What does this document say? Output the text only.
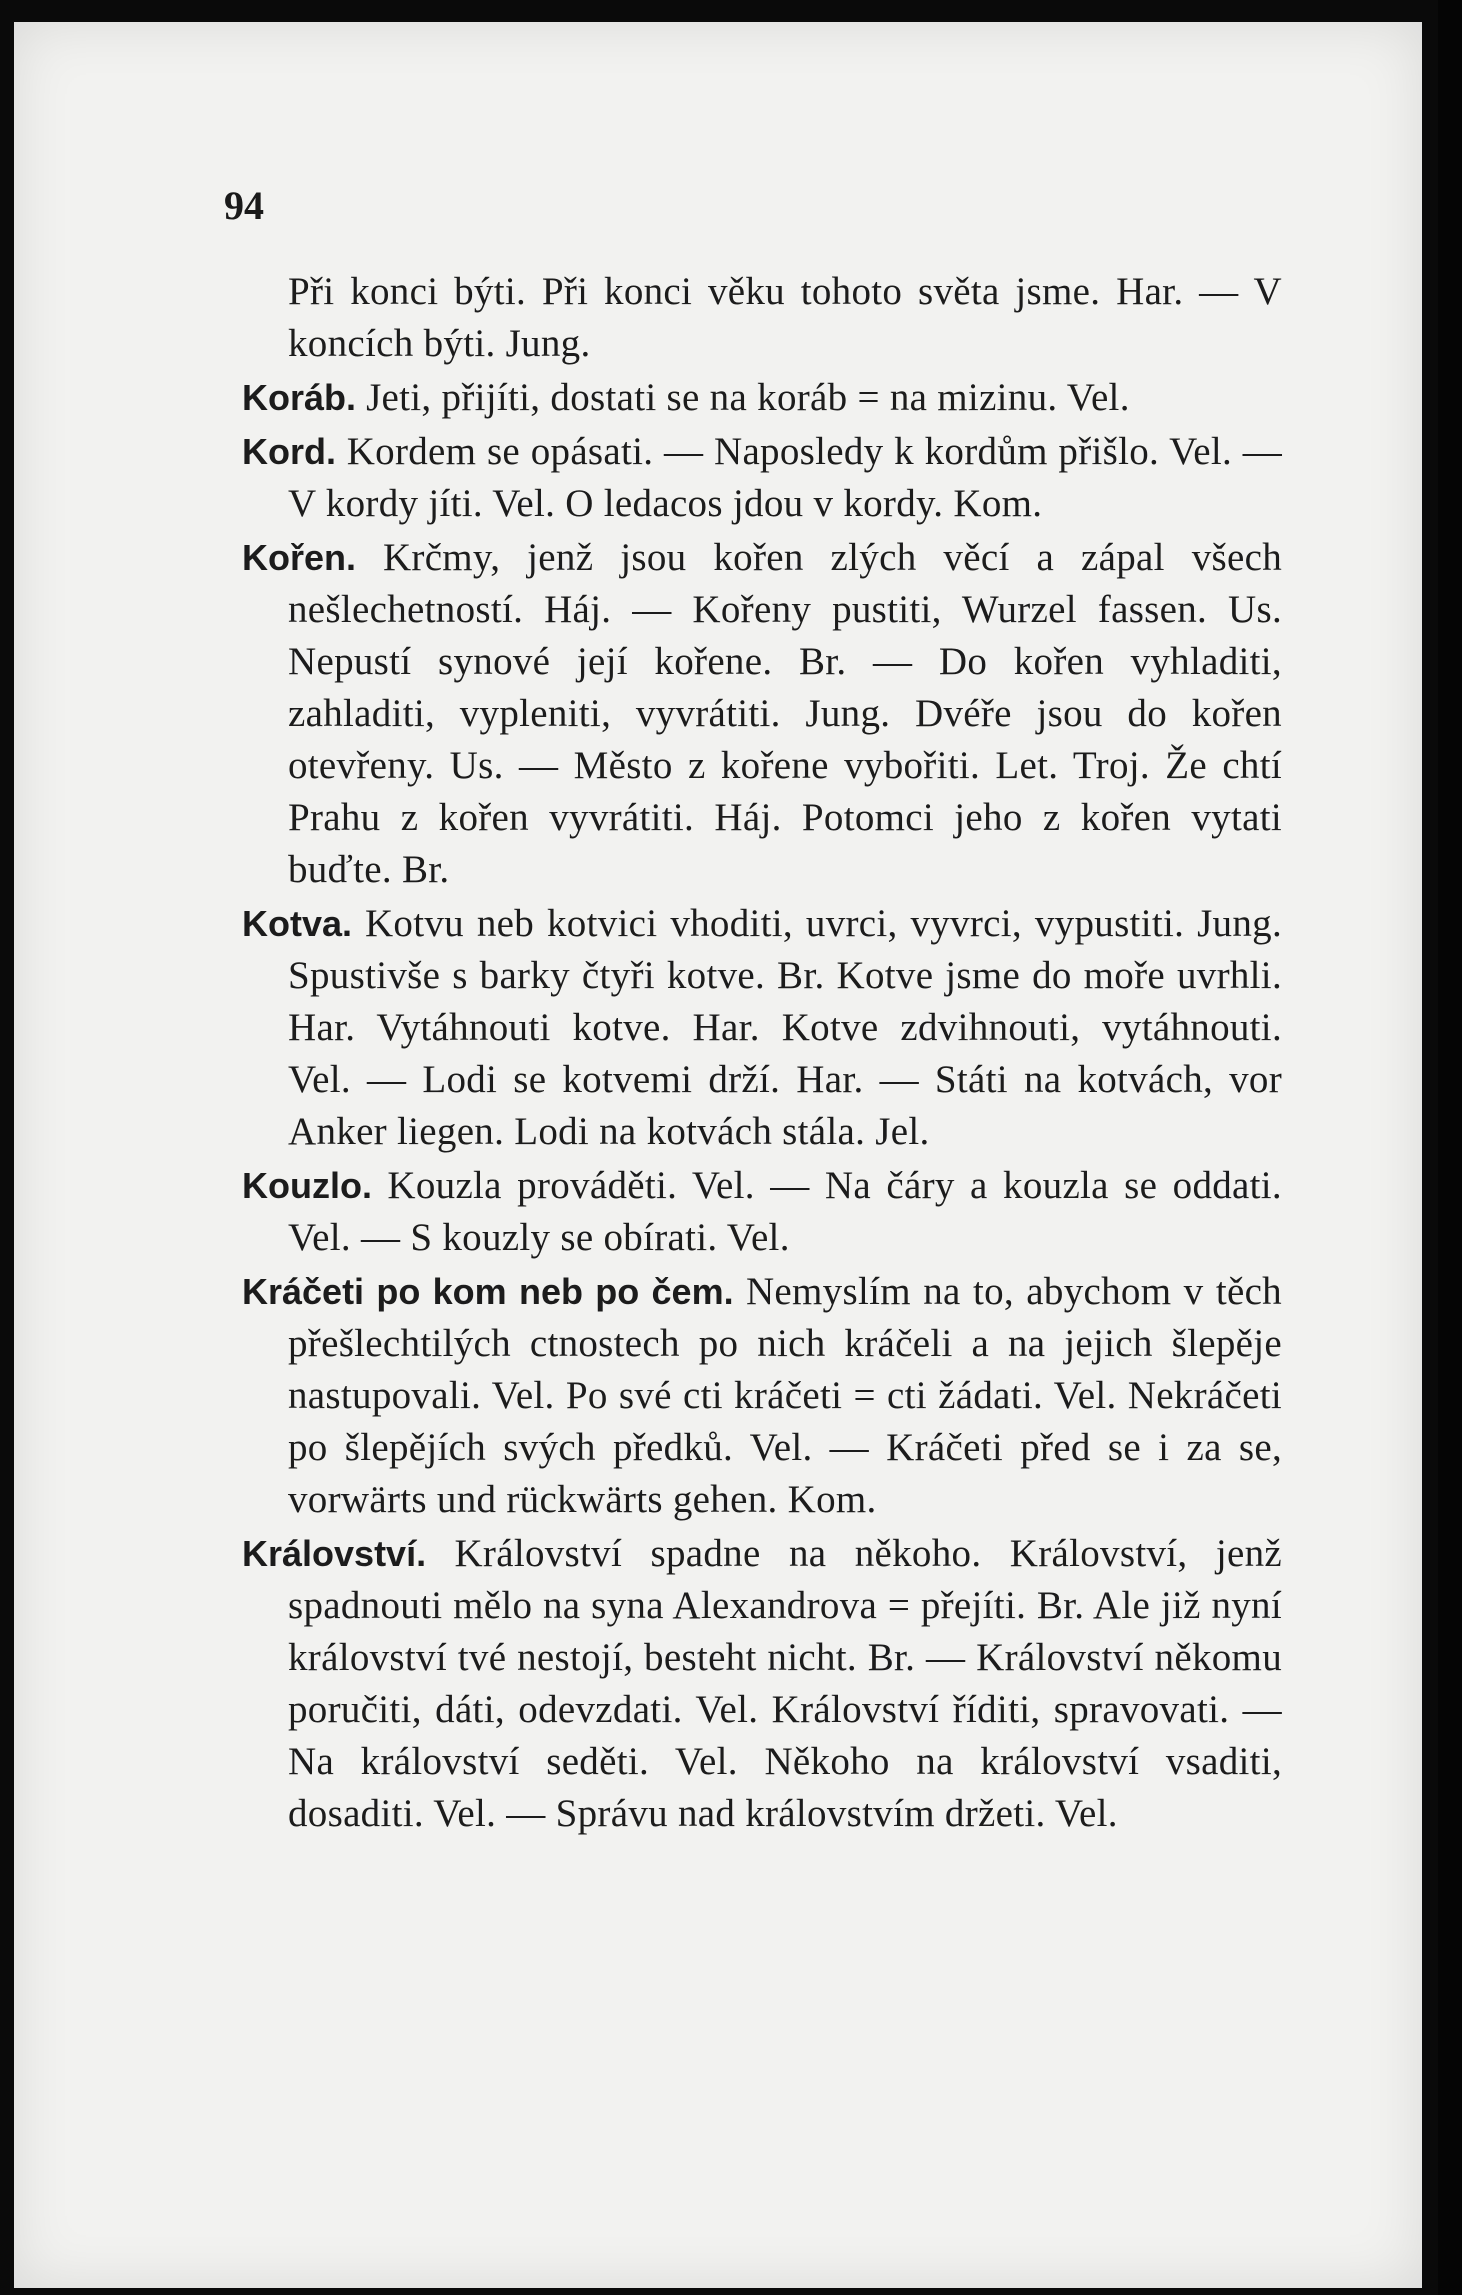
94

Při konci býti. Při konci věku tohoto světa jsme. Har. — V koncích býti. Jung.

Koráb. Jeti, přijíti, dostati se na koráb = na mizinu. Vel.

Kord. Kordem se opásati. — Naposledy k kordům přišlo. Vel. — V kordy jíti. Vel. O ledacos jdou v kordy. Kom.

Kořen. Krčmy, jenž jsou kořen zlých věcí a zápal všech nešlechetností. Háj. — Kořeny pustiti, Wurzel fassen. Us. Nepustí synové její kořene. Br. — Do kořen vyhladiti, zahladiti, vypleniti, vyvrátiti. Jung. Dvéře jsou do kořen otevřeny. Us. — Město z kořene vybořiti. Let. Troj. Že chtí Prahu z kořen vyvrátiti. Háj. Potomci jeho z kořen vytati buďte. Br.

Kotva. Kotvu neb kotvici vhoditi, uvrci, vyvrci, vypustiti. Jung. Spustivše s barky čtyři kotve. Br. Kotve jsme do moře uvrhli. Har. Vytáhnouti kotve. Har. Kotve zdvihnouti, vytáhnouti. Vel. — Lodi se kotvemi drží. Har. — Státi na kotvách, vor Anker liegen. Lodi na kotvách stála. Jel.

Kouzlo. Kouzla prováděti. Vel. — Na čáry a kouzla se oddati. Vel. — S kouzly se obírati. Vel.

Kráčeti po kom neb po čem. Nemyslím na to, abychom v těch přešlechtilých ctnostech po nich kráčeli a na jejich šlepěje nastupovali. Vel. Po své cti kráčeti = cti žádati. Vel. Nekráčeti po šlepějích svých předků. Vel. — Kráčeti před se i za se, vorwärts und rückwärts gehen. Kom.

Království. Království spadne na někoho. Království, jenž spadnouti mělo na syna Alexandrova = přejíti. Br. Ale již nyní království tvé nestojí, besteht nicht. Br. — Království někomu poručiti, dáti, odevzdati. Vel. Království říditi, spravovati. — Na království seděti. Vel. Někoho na království vsaditi, dosaditi. Vel. — Správu nad královstvím držeti. Vel.
